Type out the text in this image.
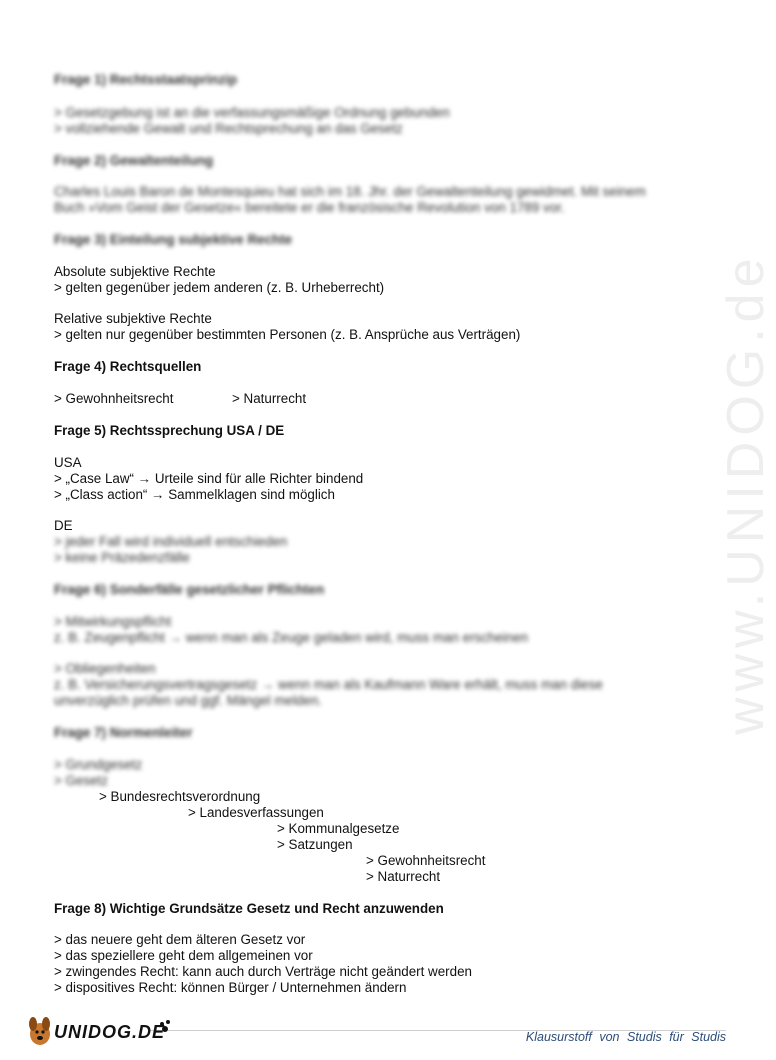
www.UNIDOG.de
Frage 1) Rechtsstaatsprinzip
> Gesetzgebung ist an die verfassungsmäßige Ordnung gebunden
> vollziehende Gewalt und Rechtsprechung an das Gesetz
Frage 2) Gewaltenteilung
Charles Louis Baron de Montesquieu hat sich im 18. Jhr. der Gewaltenteilung gewidmet. Mit seinem
Buch »Vom Geist der Gesetze« bereitete er die französische Revolution von 1789 vor.
Frage 3) Einteilung subjektive Rechte
Absolute subjektive Rechte
> gelten gegenüber jedem anderen (z. B. Urheberrecht)
Relative subjektive Rechte
> gelten nur gegenüber bestimmten Personen (z. B. Ansprüche aus Verträgen)
Frage 4) Rechtsquellen
> Gewohnheitsrecht	> Naturrecht
Frage 5) Rechtssprechung USA / DE
USA
> „Case Law“ → Urteile sind für alle Richter bindend
> „Class action“ → Sammelklagen sind möglich
DE
> jeder Fall wird individuell entschieden
> keine Präzedenzfälle
Frage 6) Sonderfälle gesetzlicher Pflichten
> Mitwirkungspflicht
z. B. Zeugenpflicht → wenn man als Zeuge geladen wird, muss man erscheinen
> Obliegenheiten
z. B. Versicherungsvertragsgesetz → wenn man als Kaufmann Ware erhält, muss man diese
unverzüglich prüfen und ggf. Mängel melden.
Frage 7) Normenleiter
> Grundgesetz
> Gesetz
> Bundesrechtsverordnung
> Landesverfassungen
> Kommunalgesetze
> Satzungen
> Gewohnheitsrecht
> Naturrecht
Frage 8) Wichtige Grundsätze Gesetz und Recht anzuwenden
> das neuere geht dem älteren Gesetz vor
> das speziellere geht dem allgemeinen vor
> zwingendes Recht: kann auch durch Verträge nicht geändert werden
> dispositives Recht: können Bürger / Unternehmen ändern
UNIDOG.DE	Klausurstoff von Studis für Studis
